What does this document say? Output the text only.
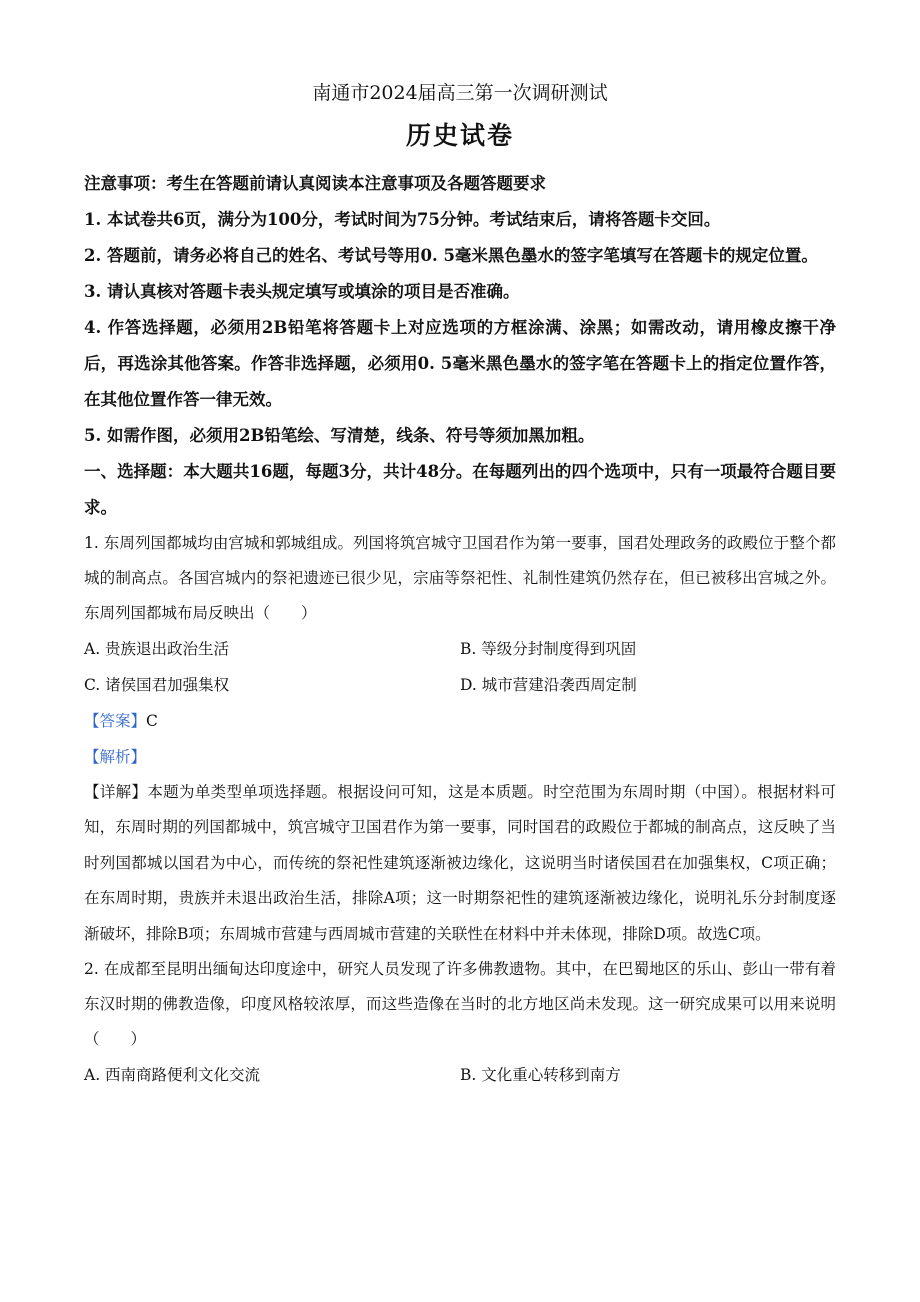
南通市2024届高三第一次调研测试

历史试卷

注意事项：考生在答题前请认真阅读本注意事项及各题答题要求

1. 本试卷共6页，满分为100分，考试时间为75分钟。考试结束后，请将答题卡交回。

2. 答题前，请务必将自己的姓名、考试号等用0. 5毫米黑色墨水的签字笔填写在答题卡的规定位置。

3. 请认真核对答题卡表头规定填写或填涂的项目是否准确。

4. 作答选择题，必须用2B铅笔将答题卡上对应选项的方框涂满、涂黑；如需改动，请用橡皮擦干净后，再选涂其他答案。作答非选择题，必须用0. 5毫米黑色墨水的签字笔在答题卡上的指定位置作答，在其他位置作答一律无效。

5. 如需作图，必须用2B铅笔绘、写清楚，线条、符号等须加黑加粗。

一、选择题：本大题共16题，每题3分，共计48分。在每题列出的四个选项中，只有一项最符合题目要求。

1. 东周列国都城均由宫城和郭城组成。列国将筑宫城守卫国君作为第一要事，国君处理政务的政殿位于整个都城的制高点。各国宫城内的祭祀遗迹已很少见，宗庙等祭祀性、礼制性建筑仍然存在，但已被移出宫城之外。东周列国都城布局反映出（　　）

A. 贵族退出政治生活	B. 等级分封制度得到巩固
C. 诸侯国君加强集权	D. 城市营建沿袭西周定制

【答案】C

【解析】

【详解】本题为单类型单项选择题。根据设问可知，这是本质题。时空范围为东周时期（中国）。根据材料可知，东周时期的列国都城中，筑宫城守卫国君作为第一要事，同时国君的政殿位于都城的制高点，这反映了当时列国都城以国君为中心，而传统的祭祀性建筑逐渐被边缘化，这说明当时诸侯国君在加强集权，C项正确；在东周时期，贵族并未退出政治生活，排除A项；这一时期祭祀性的建筑逐渐被边缘化，说明礼乐分封制度逐渐破坏，排除B项；东周城市营建与西周城市营建的关联性在材料中并未体现，排除D项。故选C项。

2. 在成都至昆明出缅甸达印度途中，研究人员发现了许多佛教遗物。其中，在巴蜀地区的乐山、彭山一带有着东汉时期的佛教造像，印度风格较浓厚，而这些造像在当时的北方地区尚未发现。这一研究成果可以用来说明（　　）

A. 西南商路便利文化交流	B. 文化重心转移到南方
